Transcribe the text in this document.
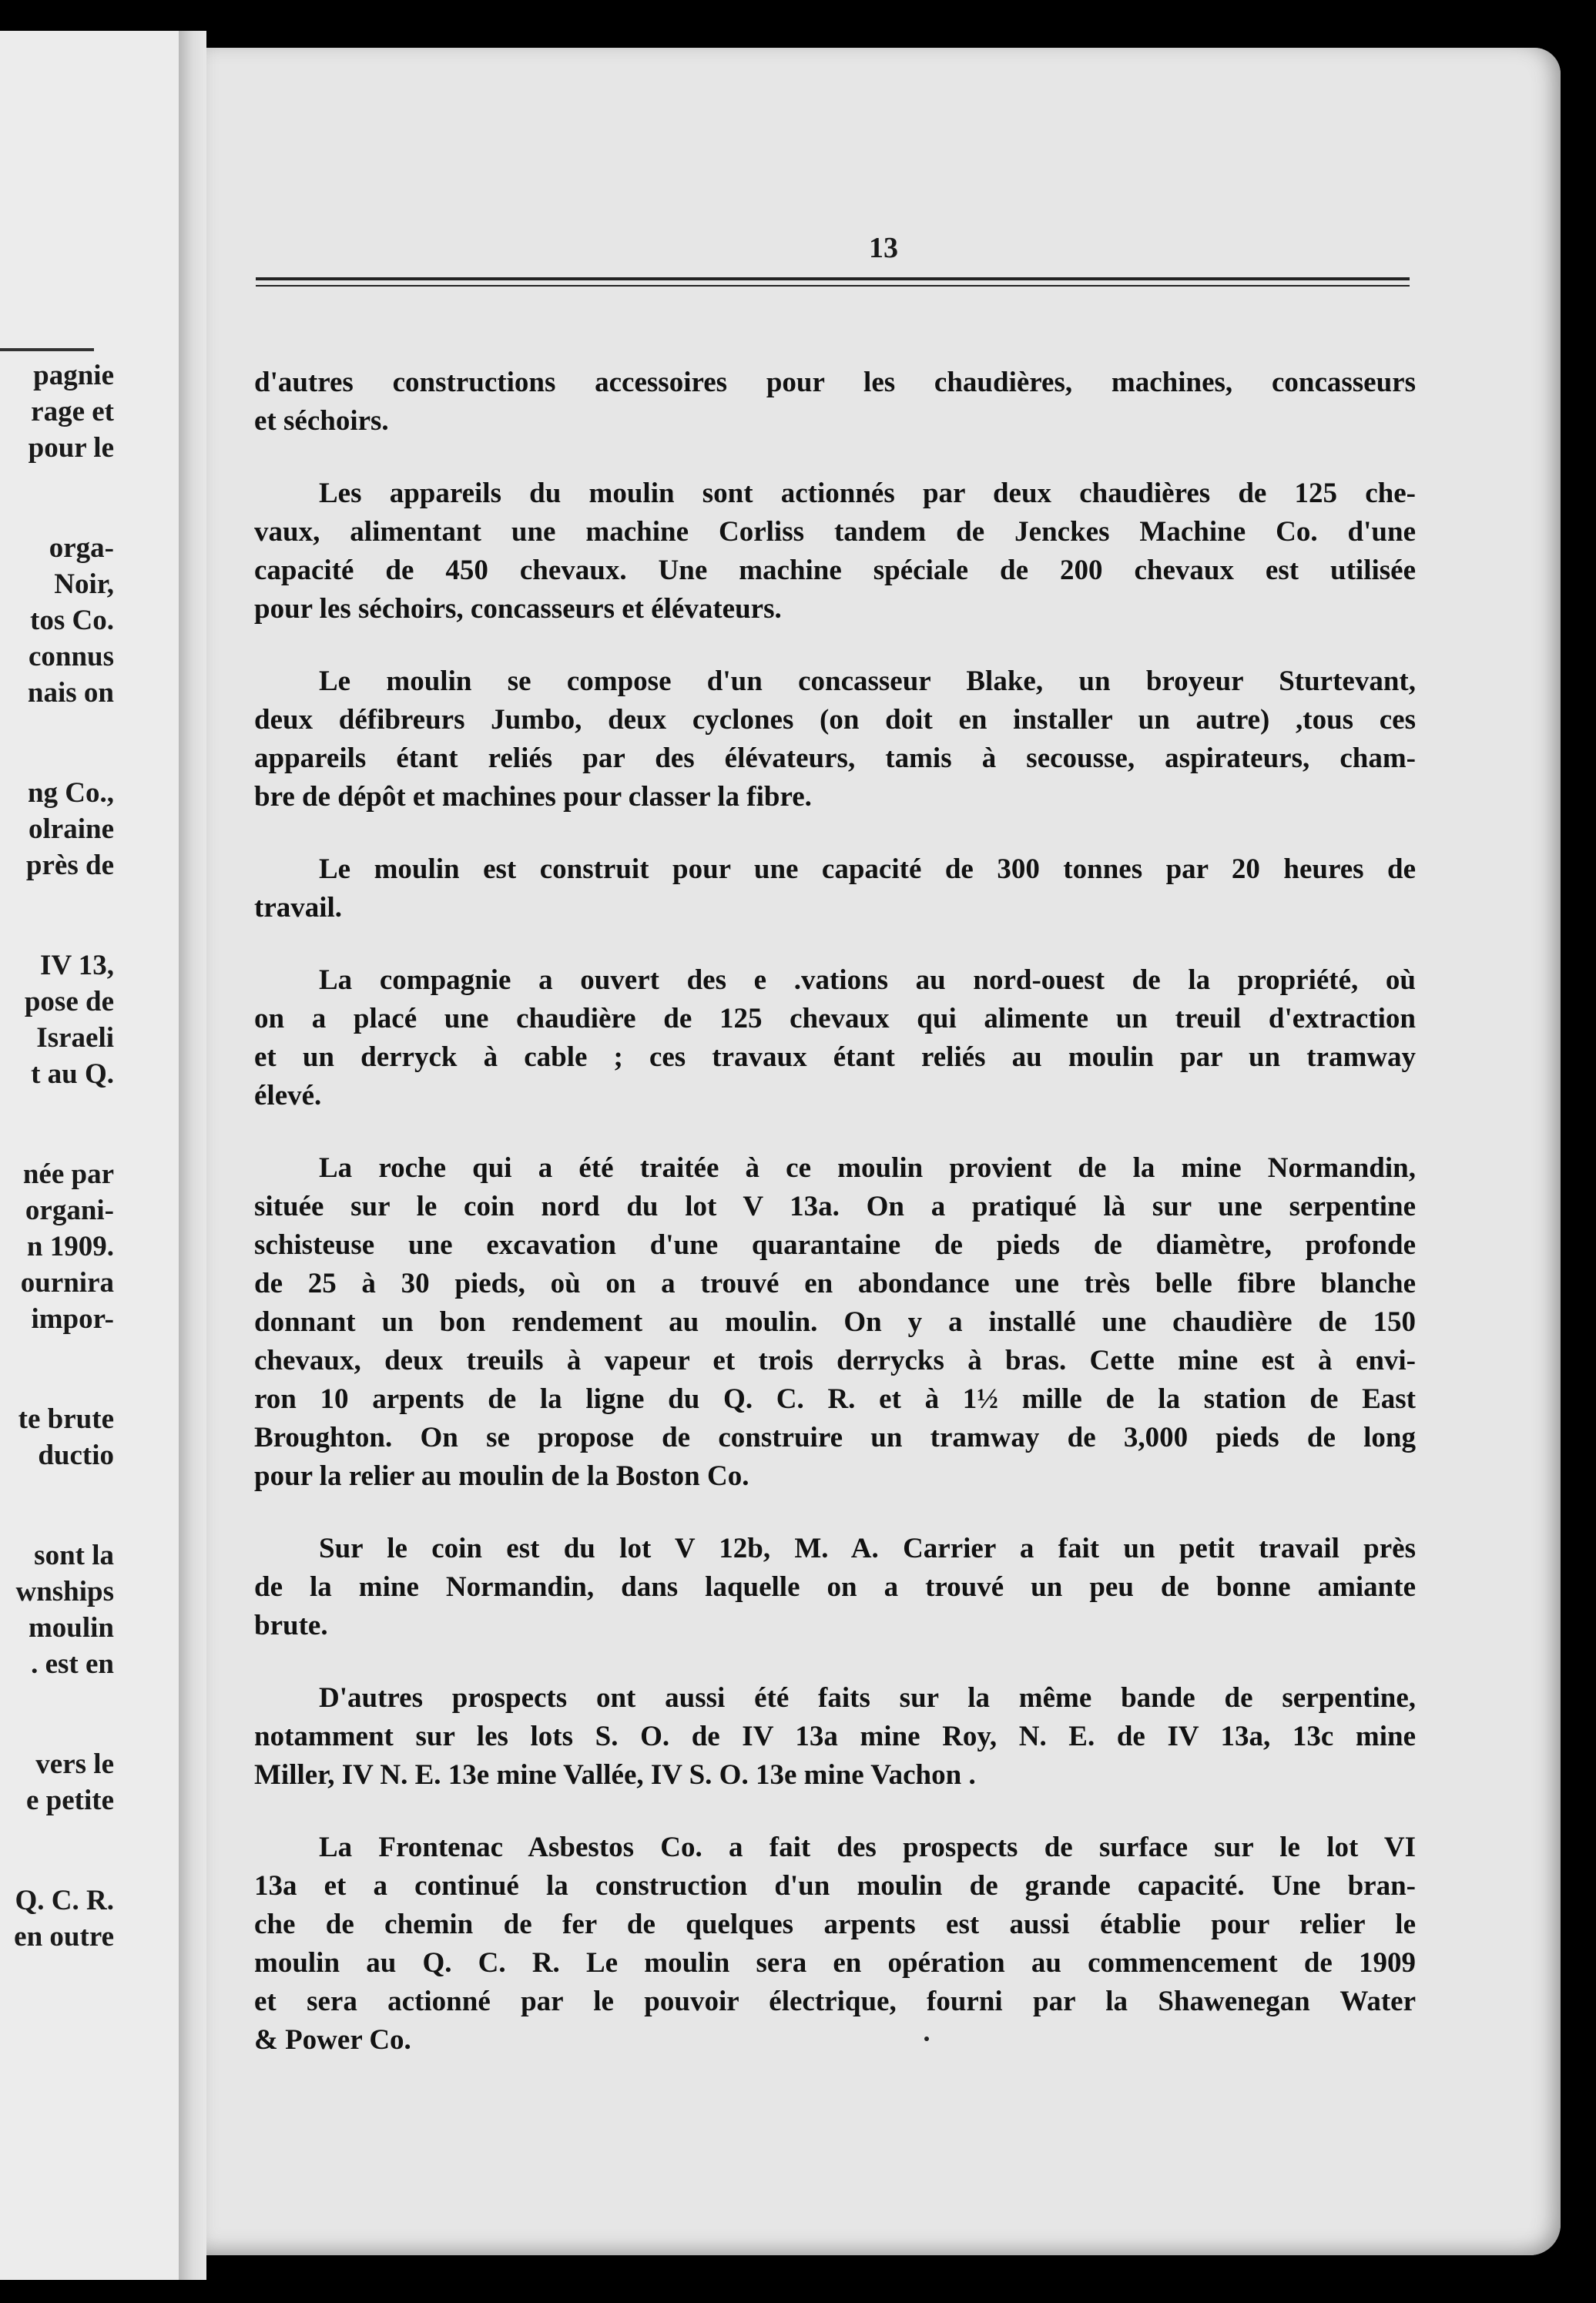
pagnie
rage et
pour le
orga-
Noir,
tos Co.
connus
nais on
ng Co.,
olraine
près de
IV 13,
pose de
Israeli
t au Q.
née par
organi-
n 1909.
ournira
impor-
te brute
ductio
sont la
wnships
moulin
. est en
vers le
e petite
Q. C. R.
en outre
13

d'autres constructions accessoires pour les chaudières, machines, concasseurs
et séchoirs.

Les appareils du moulin sont actionnés par deux chaudières de 125 che-
vaux, alimentant une machine Corliss tandem de Jenckes Machine Co. d'une
capacité de 450 chevaux. Une machine spéciale de 200 chevaux est utilisée
pour les séchoirs, concasseurs et élévateurs.

Le moulin se compose d'un concasseur Blake, un broyeur Sturtevant,
deux défibreurs Jumbo, deux cyclones (on doit en installer un autre) ,tous ces
appareils étant reliés par des élévateurs, tamis à secousse, aspirateurs, cham-
bre de dépôt et machines pour classer la fibre.

Le moulin est construit pour une capacité de 300 tonnes par 20 heures de
travail.

La compagnie a ouvert des e .vations au nord-ouest de la propriété, où
on a placé une chaudière de 125 chevaux qui alimente un treuil d'extraction
et un derryck à cable ; ces travaux étant reliés au moulin par un tramway
élevé.

La roche qui a été traitée à ce moulin provient de la mine Normandin,
située sur le coin nord du lot V 13a. On a pratiqué là sur une serpentine
schisteuse une excavation d'une quarantaine de pieds de diamètre, profonde
de 25 à 30 pieds, où on a trouvé en abondance une très belle fibre blanche
donnant un bon rendement au moulin. On y a installé une chaudière de 150
chevaux, deux treuils à vapeur et trois derrycks à bras. Cette mine est à envi-
ron 10 arpents de la ligne du Q. C. R. et à 1½ mille de la station de East
Broughton. On se propose de construire un tramway de 3,000 pieds de long
pour la relier au moulin de la Boston Co.

Sur le coin est du lot V 12b, M. A. Carrier a fait un petit travail près
de la mine Normandin, dans laquelle on a trouvé un peu de bonne amiante
brute.

D'autres prospects ont aussi été faits sur la même bande de serpentine,
notamment sur les lots S. O. de IV 13a mine Roy, N. E. de IV 13a, 13c mine
Miller, IV N. E. 13e mine Vallée, IV S. O. 13e mine Vachon .

La Frontenac Asbestos Co. a fait des prospects de surface sur le lot VI
13a et a continué la construction d'un moulin de grande capacité. Une bran-
che de chemin de fer de quelques arpents est aussi établie pour relier le
moulin au Q. C. R. Le moulin sera en opération au commencement de 1909
et sera actionné par le pouvoir électrique, fourni par la Shawenegan Water
& Power Co.
